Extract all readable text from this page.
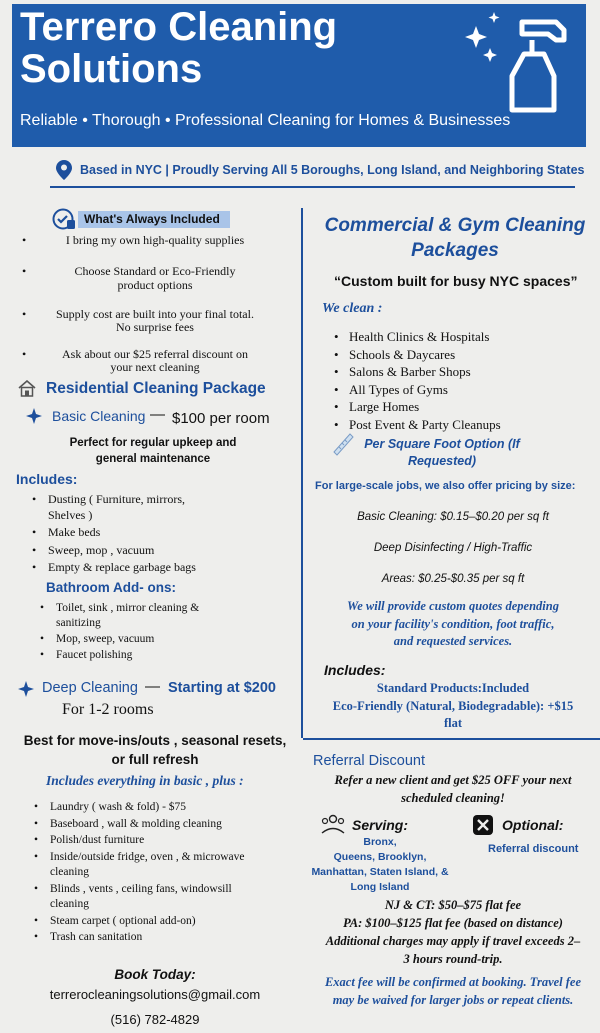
Terrero Cleaning
Solutions
Reliable • Thorough • Professional Cleaning for Homes & Businesses
Based in NYC | Proudly Serving All 5 Boroughs, Long Island, and Neighboring States
What's Always Included
•	I bring my own high-quality supplies
•	Choose Standard or Eco-Friendly
product options
•	Supply cost are built into your final total.
No surprise fees
•	Ask about our $25 referral discount on
your next cleaning
Residential Cleaning Package
Basic Cleaning — $100 per room
Perfect for regular upkeep and
general maintenance
Includes:
• Dusting ( Furniture, mirrors,
Shelves )
• Make beds
• Sweep, mop , vacuum
• Empty & replace garbage bags
Bathroom Add- ons:
• Toilet, sink , mirror cleaning &
sanitizing
• Mop, sweep, vacuum
• Faucet polishing
Deep Cleaning — Starting at $200
For 1-2 rooms
Best for move-ins/outs , seasonal resets,
or full refresh
Includes everything in basic , plus :
• Laundry ( wash & fold) - $75
• Baseboard , wall & molding cleaning
• Polish/dust furniture
• Inside/outside fridge, oven , & microwave
cleaning
• Blinds , vents , ceiling fans, windowsill
cleaning
• Steam carpet ( optional add-on)
• Trash can sanitation
Book Today:
terrerocleaningsolutions@gmail.com
(516) 782-4829
Commercial & Gym Cleaning
Packages
“Custom built for busy NYC spaces”
We clean :
• Health Clinics & Hospitals
• Schools & Daycares
• Salons & Barber Shops
• All Types of Gyms
• Large Homes
• Post Event & Party Cleanups
Per Square Foot Option (If
Requested)
For large-scale jobs, we also offer pricing by size:
Basic Cleaning: $0.15–$0.20 per sq ft
Deep Disinfecting / High-Traffic
Areas: $0.25-$0.35 per sq ft
We will provide custom quotes depending
on your facility's condition, foot traffic,
and requested services.
Includes:
Standard Products:Included
Eco-Friendly (Natural, Biodegradable): +$15
flat
Referral Discount
Refer a new client and get $25 OFF your next
scheduled cleaning!
Serving:
Bronx,
Queens, Brooklyn,
Manhattan, Staten Island, &
Long Island
Optional:
Referral discount
NJ & CT: $50–$75 flat fee
PA: $100–$125 flat fee (based on distance)
Additional charges may apply if travel exceeds 2–
3 hours round-trip.
Exact fee will be confirmed at booking. Travel fee
may be waived for larger jobs or repeat clients.
